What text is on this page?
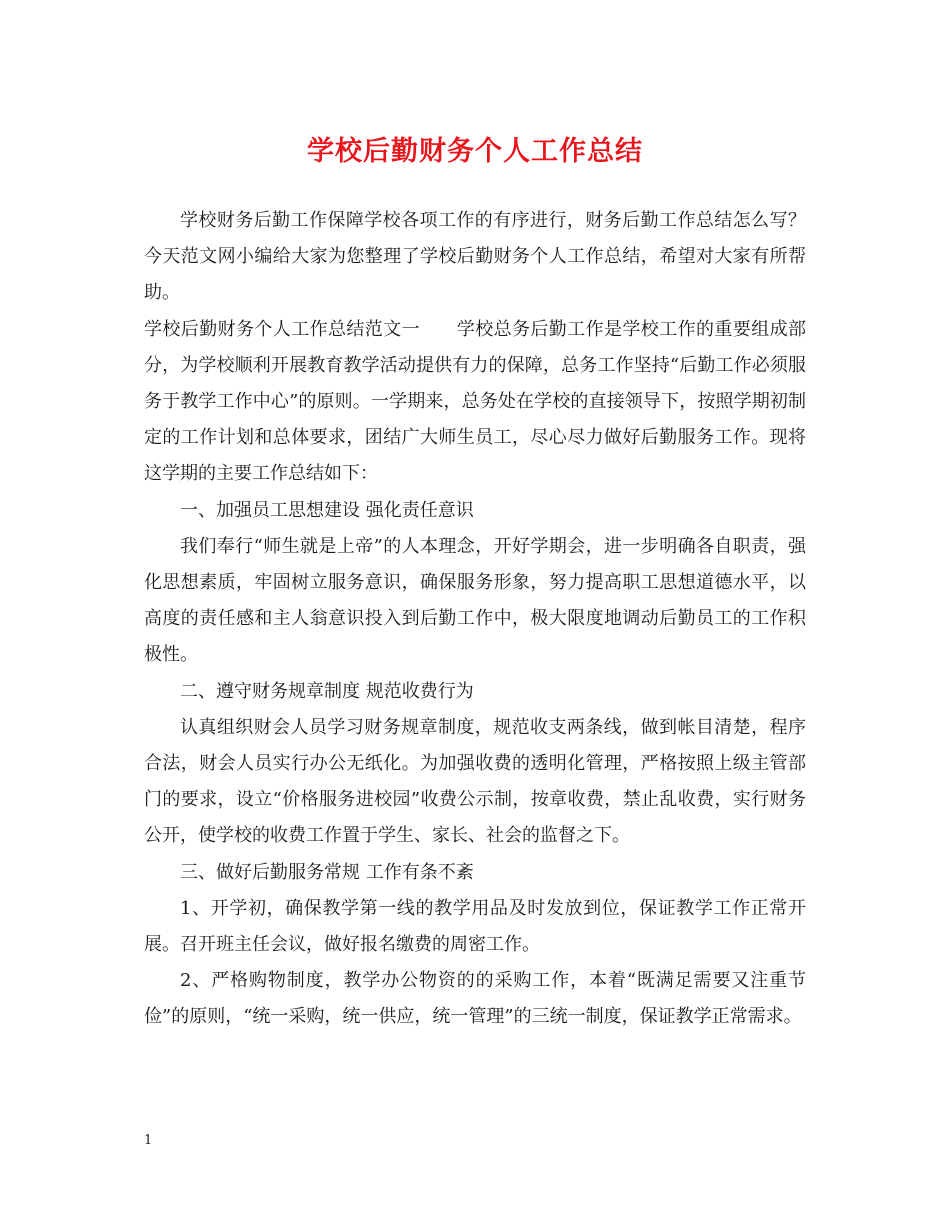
学校后勤财务个人工作总结

学校财务后勤工作保障学校各项工作的有序进行，财务后勤工作总结怎么写？今天范文网小编给大家为您整理了学校后勤财务个人工作总结，希望对大家有所帮助。

学校后勤财务个人工作总结范文一　　学校总务后勤工作是学校工作的重要组成部分，为学校顺利开展教育教学活动提供有力的保障，总务工作坚持“后勤工作必须服务于教学工作中心”的原则。一学期来，总务处在学校的直接领导下，按照学期初制定的工作计划和总体要求，团结广大师生员工，尽心尽力做好后勤服务工作。现将这学期的主要工作总结如下：

一、加强员工思想建设 强化责任意识

我们奉行“师生就是上帝”的人本理念，开好学期会，进一步明确各自职责，强化思想素质，牢固树立服务意识，确保服务形象，努力提高职工思想道德水平，以高度的责任感和主人翁意识投入到后勤工作中，极大限度地调动后勤员工的工作积极性。

二、遵守财务规章制度 规范收费行为

认真组织财会人员学习财务规章制度，规范收支两条线，做到帐目清楚，程序合法，财会人员实行办公无纸化。为加强收费的透明化管理，严格按照上级主管部门的要求，设立“价格服务进校园”收费公示制，按章收费，禁止乱收费，实行财务公开，使学校的收费工作置于学生、家长、社会的监督之下。

三、做好后勤服务常规 工作有条不紊

1、开学初，确保教学第一线的教学用品及时发放到位，保证教学工作正常开展。召开班主任会议，做好报名缴费的周密工作。

2、严格购物制度，教学办公物资的的采购工作，本着“既满足需要又注重节俭”的原则，“统一采购，统一供应，统一管理”的三统一制度，保证教学正常需求。

1
